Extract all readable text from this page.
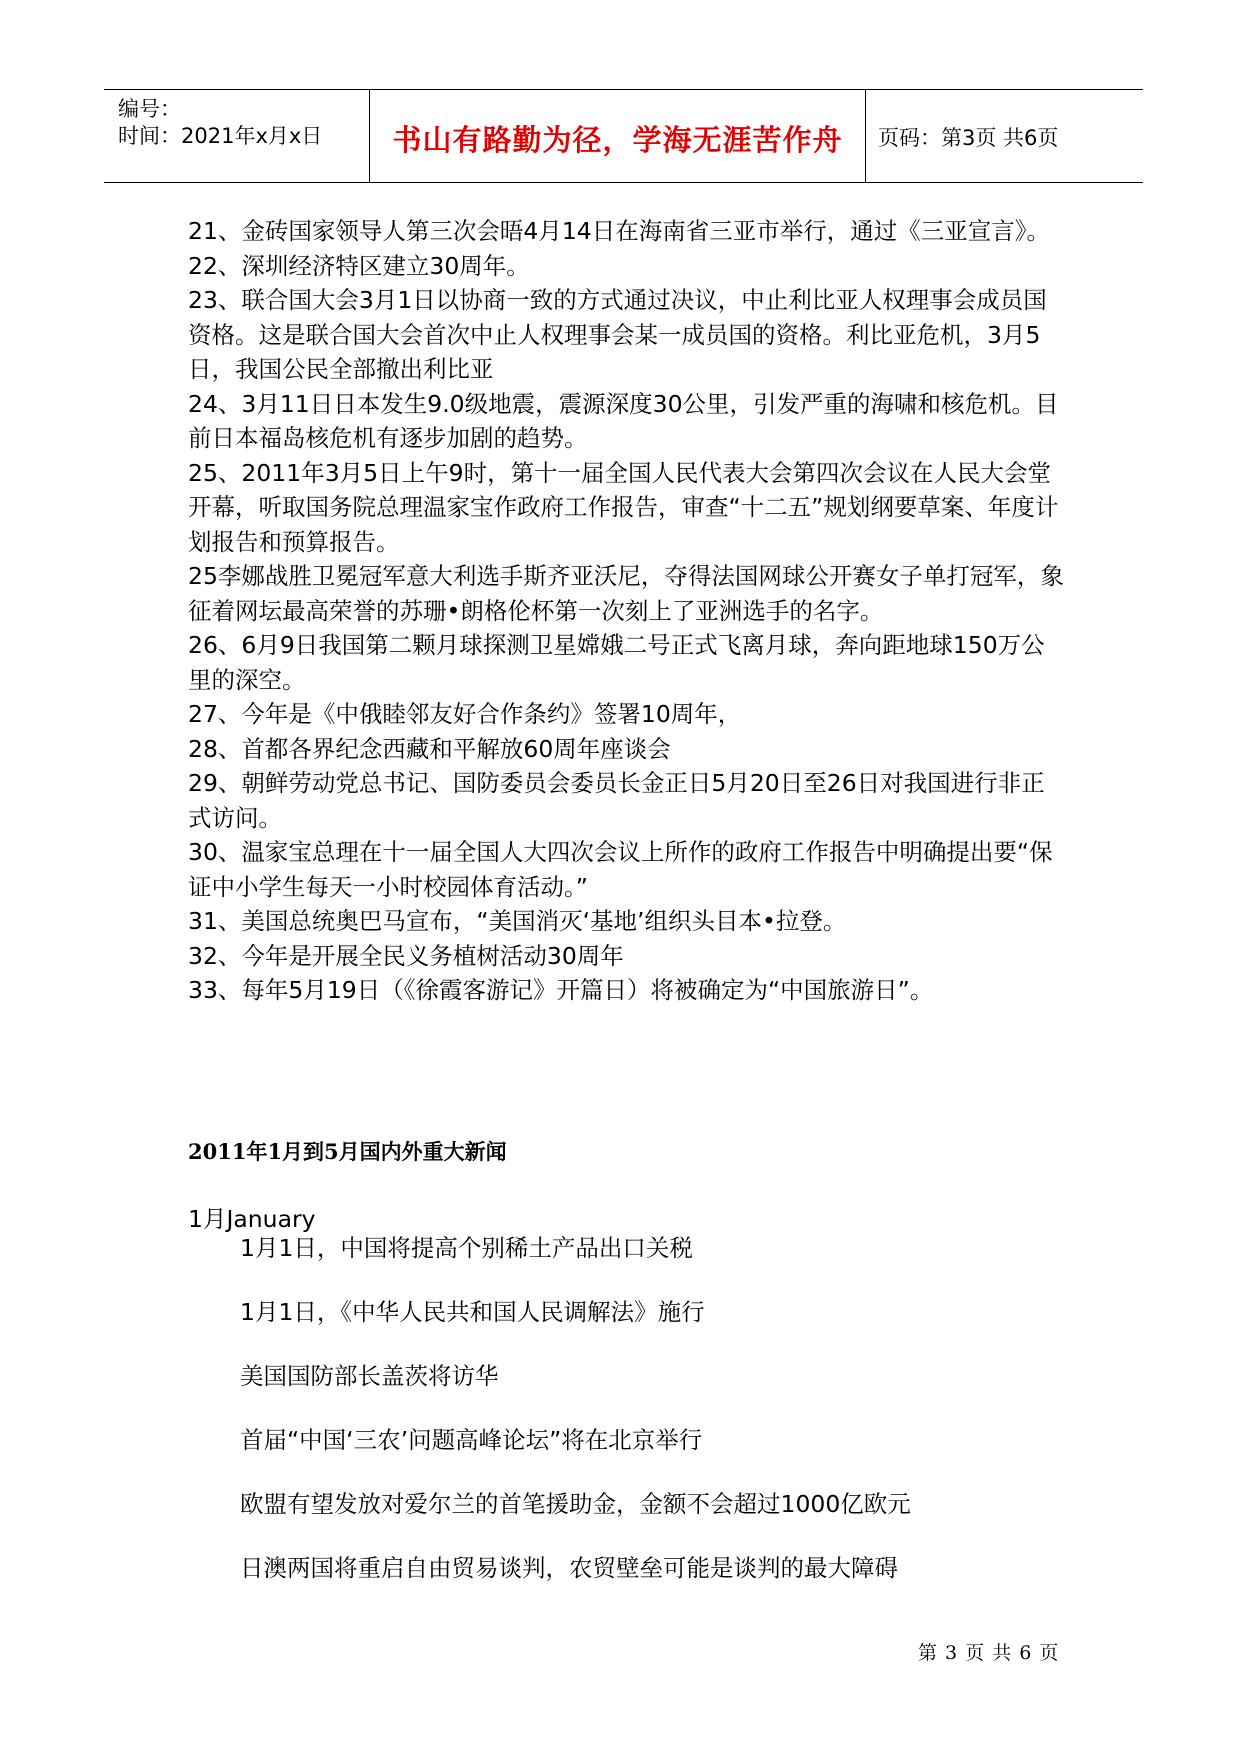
编号：
时间：2021年x月x日	书山有路勤为径，学海无涯苦作舟	页码：第3页 共6页
21、金砖国家领导人第三次会晤4月14日在海南省三亚市举行，通过《三亚宣言》。
22、深圳经济特区建立30周年。
23、联合国大会3月1日以协商一致的方式通过决议，中止利比亚人权理事会成员国资格。这是联合国大会首次中止人权理事会某一成员国的资格。利比亚危机，3月5日，我国公民全部撤出利比亚
24、3月11日日本发生9.0级地震，震源深度30公里，引发严重的海啸和核危机。目前日本福岛核危机有逐步加剧的趋势。
25、2011年3月5日上午9时，第十一届全国人民代表大会第四次会议在人民大会堂开幕，听取国务院总理温家宝作政府工作报告，审查“十二五”规划纲要草案、年度计划报告和预算报告。
25李娜战胜卫冕冠军意大利选手斯齐亚沃尼，夺得法国网球公开赛女子单打冠军，象征着网坛最高荣誉的苏珊•朗格伦杯第一次刻上了亚洲选手的名字。
26、6月9日我国第二颗月球探测卫星嫦娥二号正式飞离月球，奔向距地球150万公里的深空。
27、今年是《中俄睦邻友好合作条约》签署10周年，
28、首都各界纪念西藏和平解放60周年座谈会
29、朝鲜劳动党总书记、国防委员会委员长金正日5月20日至26日对我国进行非正式访问。
30、温家宝总理在十一届全国人大四次会议上所作的政府工作报告中明确提出要“保证中小学生每天一小时校园体育活动。”
31、美国总统奥巴马宣布，“美国消灭‘基地’组织头目本•拉登。
32、今年是开展全民义务植树活动30周年
33、每年5月19日（《徐霞客游记》开篇日）将被确定为“中国旅游日”。
2011年1月到5月国内外重大新闻
1月January
1月1日，中国将提高个别稀土产品出口关税
1月1日，《中华人民共和国人民调解法》施行
美国国防部长盖茨将访华
首届“中国‘三农’问题高峰论坛”将在北京举行
欧盟有望发放对爱尔兰的首笔援助金，金额不会超过1000亿欧元
日澳两国将重启自由贸易谈判，农贸壁垒可能是谈判的最大障碍
第 3 页 共 6 页
